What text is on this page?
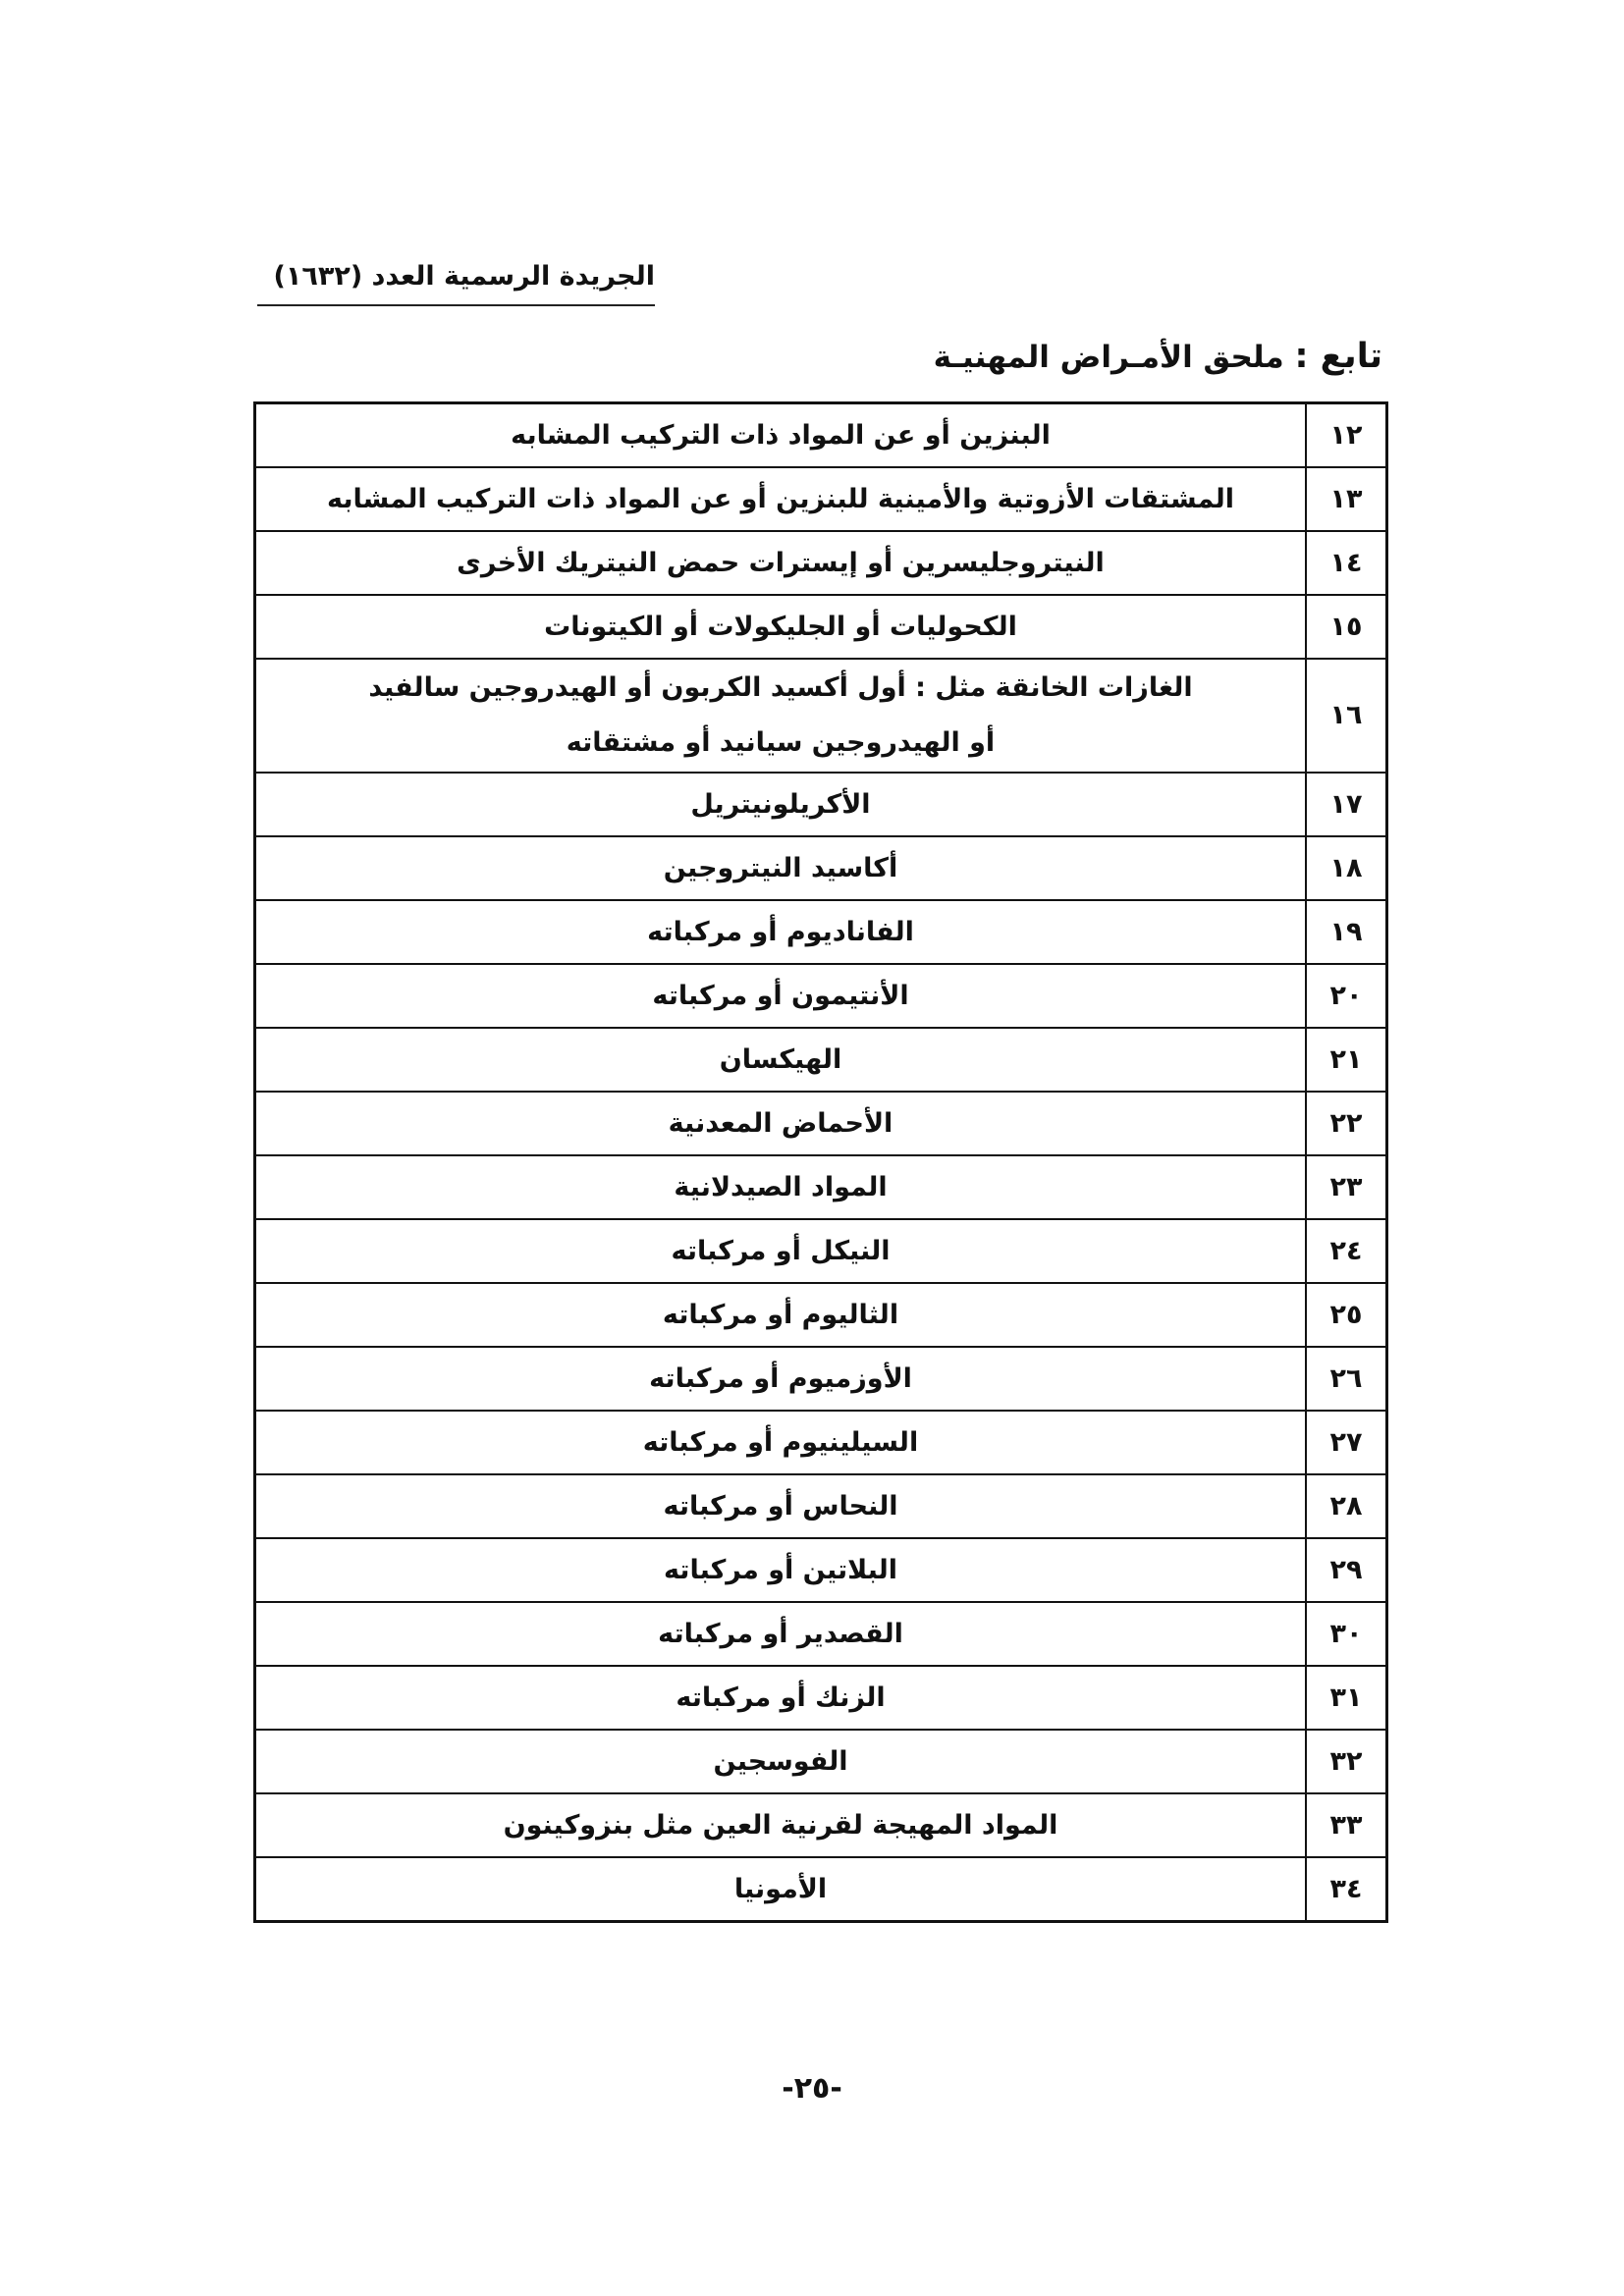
الجريدة الرسمية العدد (١٦٣٢)
تابع : ملحق الأمـراض المهنيـة
١٢	البنزين أو عن المواد ذات التركيب المشابه

١٣	المشتقات الأزوتية والأمينية للبنزين أو عن المواد ذات التركيب المشابه

١٤	النيتروجليسرين أو إيسترات حمض النيتريك الأخرى

١٥	الكحوليات أو الجليكولات أو الكيتونات

١٦	الغازات الخانقة مثل : أول أكسيد الكربون أو الهيدروجين سالفيد
أو الهيدروجين سيانيد أو مشتقاته

١٧	الأكريلونيتريل

١٨	أكاسيد النيتروجين

١٩	الفاناديوم أو مركباته

٢٠	الأنتيمون أو مركباته

٢١	الهيكسان

٢٢	الأحماض المعدنية

٢٣	المواد الصيدلانية

٢٤	النيكل أو مركباته

٢٥	الثاليوم أو مركباته

٢٦	الأوزميوم أو مركباته

٢٧	السيلينيوم أو مركباته

٢٨	النحاس أو مركباته

٢٩	البلاتين أو مركباته

٣٠	القصدير أو مركباته

٣١	الزنك أو مركباته

٣٢	الفوسجين

٣٣	المواد المهيجة لقرنية العين مثل بنزوكينون

٣٤	الأمونيا
-٢٥-
